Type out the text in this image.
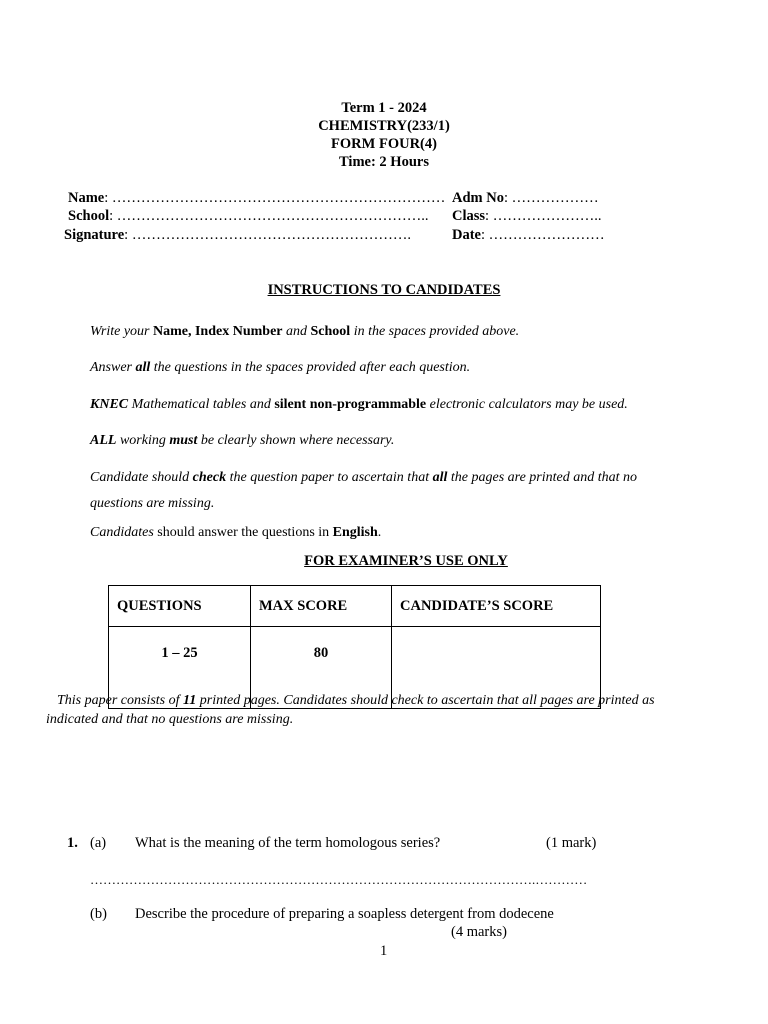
Term 1 - 2024
CHEMISTRY(233/1)
FORM FOUR(4)
Time: 2 Hours
Name: …………………………………………………………… Adm No: ………………
School: ……………………………………………………….. Class: …………………..
Signature: ………………………………………………….	Date: ……………………
INSTRUCTIONS TO CANDIDATES
Write your Name, Index Number and School in the spaces provided above.
Answer all the questions in the spaces provided after each question.
KNEC Mathematical tables and silent non-programmable electronic calculators may be used.
ALL working must be clearly shown where necessary.
Candidate should check the question paper to ascertain that all the pages are printed and that no
questions are missing.
Candidates should answer the questions in English.
FOR EXAMINER’S USE ONLY
QUESTIONS	MAX SCORE	CANDIDATE’S SCORE
1 – 25	80	
This paper consists of 11 printed pages. Candidates should check to ascertain that all pages are printed as
indicated and that no questions are missing.
1. (a) What is the meaning of the term homologous series?	(1 mark)
………………………………………………………………………………………….…………
(b) Describe the procedure of preparing a soapless detergent from dodecene
(4 marks)
1
